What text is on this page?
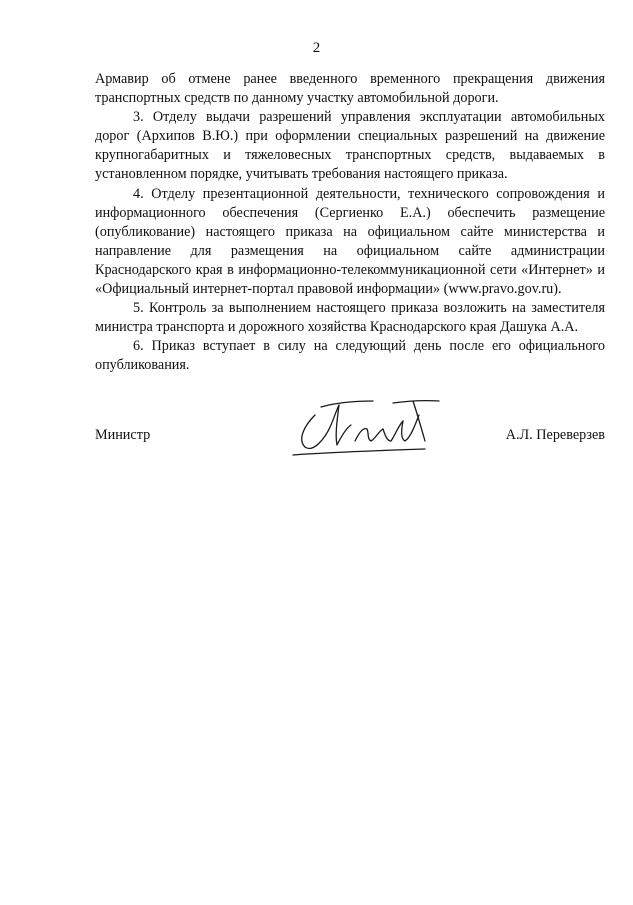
2

Армавир об отмене ранее введенного временного прекращения движения транспортных средств по данному участку автомобильной дороги.

3. Отделу выдачи разрешений управления эксплуатации автомобильных дорог (Архипов В.Ю.) при оформлении специальных разрешений на движение крупногабаритных и тяжеловесных транспортных средств, выдаваемых в установленном порядке, учитывать требования настоящего приказа.

4. Отделу презентационной деятельности, технического сопровождения и информационного обеспечения (Сергиенко Е.А.) обеспечить размещение (опубликование) настоящего приказа на официальном сайте министерства и направление для размещения на официальном сайте администрации Краснодарского края в информационно-телекоммуникационной сети «Интернет» и «Официальный интернет-портал правовой информации» (www.pravo.gov.ru).

5. Контроль за выполнением настоящего приказа возложить на заместителя министра транспорта и дорожного хозяйства Краснодарского края Дашука А.А.

6. Приказ вступает в силу на следующий день после его официального опубликования.

Министр	А.Л. Переверзев
